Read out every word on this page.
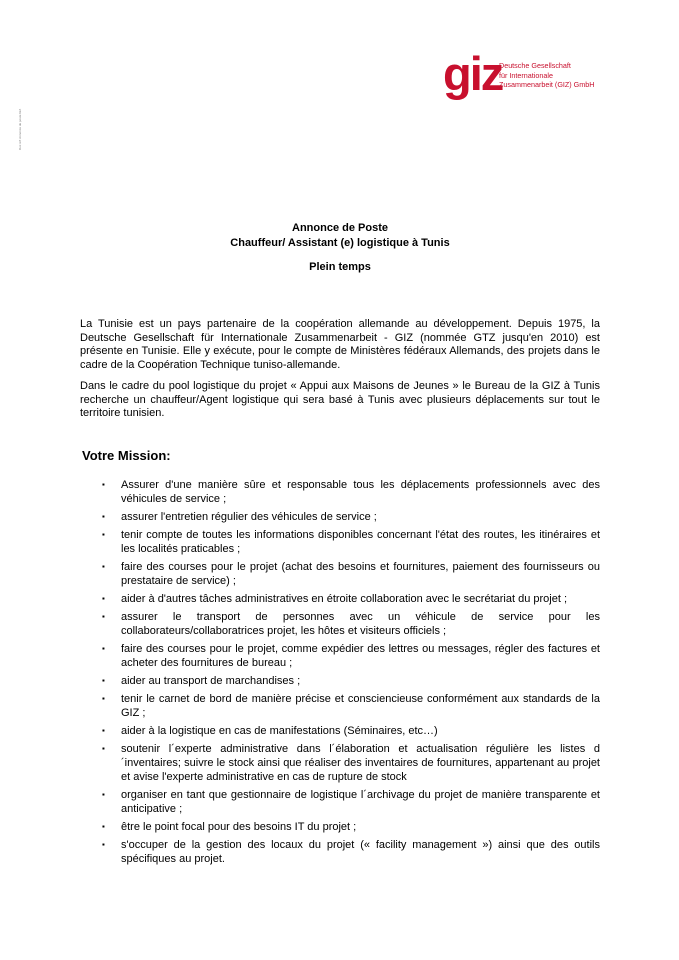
Doc réf: Annonce de poste GIZ
giz
Deutsche Gesellschaft
für Internationale
Zusammenarbeit (GIZ) GmbH
Annonce de Poste
Chauffeur/ Assistant (e) logistique à Tunis
Plein temps
La Tunisie est un pays partenaire de la coopération allemande au développement. Depuis 1975, la Deutsche Gesellschaft für Internationale Zusammenarbeit - GIZ (nommée GTZ jusqu'en 2010) est présente en Tunisie. Elle y exécute, pour le compte de Ministères fédéraux Allemands, des projets dans le cadre de la Coopération Technique tuniso-allemande.
Dans le cadre du pool logistique du projet « Appui aux Maisons de Jeunes » le Bureau de la GIZ à Tunis recherche un chauffeur/Agent logistique qui sera basé à Tunis avec plusieurs déplacements sur tout le territoire tunisien.
Votre Mission:
▪ Assurer d'une manière sûre et responsable tous les déplacements professionnels avec des véhicules de service ;
▪ assurer l'entretien régulier des véhicules de service ;
▪ tenir compte de toutes les informations disponibles concernant l'état des routes, les itinéraires et les localités praticables ;
▪ faire des courses pour le projet (achat des besoins et fournitures, paiement des fournisseurs ou prestataire de service) ;
▪ aider à d'autres tâches administratives en étroite collaboration avec le secrétariat du projet ;
▪ assurer le transport de personnes avec un véhicule de service pour les collaborateurs/collaboratrices projet, les hôtes et visiteurs officiels ;
▪ faire des courses pour le projet, comme expédier des lettres ou messages, régler des factures et acheter des fournitures de bureau ;
▪ aider au transport de marchandises ;
▪ tenir le carnet de bord de manière précise et consciencieuse conformément aux standards de la GIZ ;
▪ aider à la logistique en cas de manifestations (Séminaires, etc…)
▪ soutenir l´experte administrative dans l´élaboration et actualisation régulière les listes d´inventaires; suivre le stock ainsi que réaliser des inventaires de fournitures, appartenant au projet et avise l'experte administrative en cas de rupture de stock
▪ organiser en tant que gestionnaire de logistique l´archivage du projet de manière transparente et anticipative ;
▪ être le point focal pour des besoins IT du projet ;
▪ s'occuper de la gestion des locaux du projet (« facility management ») ainsi que des outils spécifiques au projet.
